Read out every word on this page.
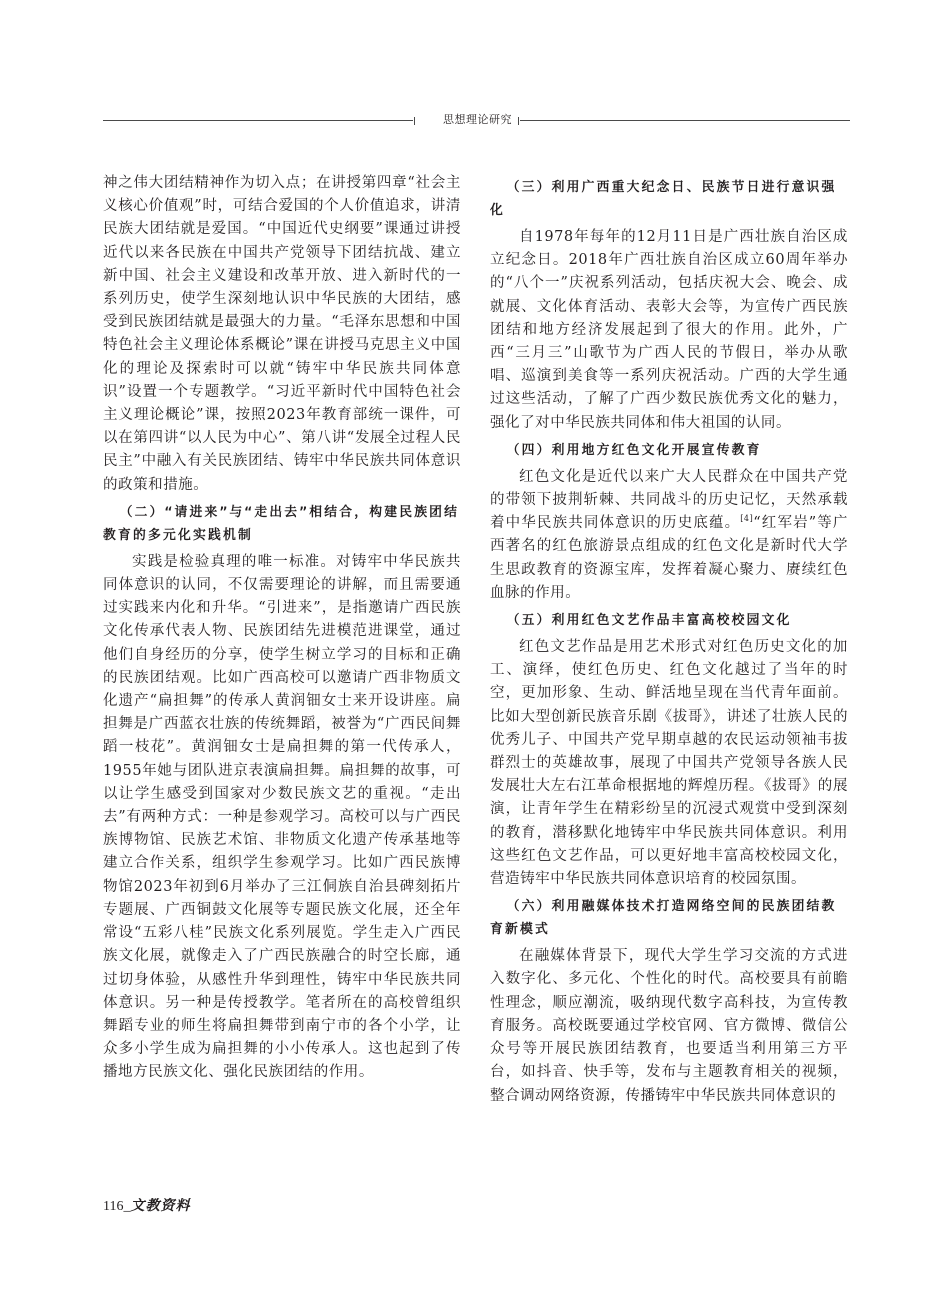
思想理论研究

神之伟大团结精神作为切入点；在讲授第四章“社会主义核心价值观”时，可结合爱国的个人价值追求，讲清民族大团结就是爱国。“中国近代史纲要”课通过讲授近代以来各民族在中国共产党领导下团结抗战、建立新中国、社会主义建设和改革开放、进入新时代的一系列历史，使学生深刻地认识中华民族的大团结，感受到民族团结就是最强大的力量。“毛泽东思想和中国特色社会主义理论体系概论”课在讲授马克思主义中国化的理论及探索时可以就“铸牢中华民族共同体意识”设置一个专题教学。“习近平新时代中国特色社会主义理论概论”课，按照2023年教育部统一课件，可以在第四讲“以人民为中心”、第八讲“发展全过程人民民主”中融入有关民族团结、铸牢中华民族共同体意识的政策和措施。

（二）“请进来”与“走出去”相结合，构建民族团结教育的多元化实践机制

实践是检验真理的唯一标准。对铸牢中华民族共同体意识的认同，不仅需要理论的讲解，而且需要通过实践来内化和升华。“引进来”，是指邀请广西民族文化传承代表人物、民族团结先进模范进课堂，通过他们自身经历的分享，使学生树立学习的目标和正确的民族团结观。比如广西高校可以邀请广西非物质文化遗产“扁担舞”的传承人黄润钿女士来开设讲座。扁担舞是广西蓝衣壮族的传统舞蹈，被誉为“广西民间舞蹈一枝花”。黄润钿女士是扁担舞的第一代传承人，1955年她与团队进京表演扁担舞。扁担舞的故事，可以让学生感受到国家对少数民族文艺的重视。“走出去”有两种方式：一种是参观学习。高校可以与广西民族博物馆、民族艺术馆、非物质文化遗产传承基地等建立合作关系，组织学生参观学习。比如广西民族博物馆2023年初到6月举办了三江侗族自治县碑刻拓片专题展、广西铜鼓文化展等专题民族文化展，还全年常设“五彩八桂”民族文化系列展览。学生走入广西民族文化展，就像走入了广西民族融合的时空长廊，通过切身体验，从感性升华到理性，铸牢中华民族共同体意识。另一种是传授教学。笔者所在的高校曾组织舞蹈专业的师生将扁担舞带到南宁市的各个小学，让众多小学生成为扁担舞的小小传承人。这也起到了传播地方民族文化、强化民族团结的作用。

（三）利用广西重大纪念日、民族节日进行意识强化

自1978年每年的12月11日是广西壮族自治区成立纪念日。2018年广西壮族自治区成立60周年举办的“八个一”庆祝系列活动，包括庆祝大会、晚会、成就展、文化体育活动、表彰大会等，为宣传广西民族团结和地方经济发展起到了很大的作用。此外，广西“三月三”山歌节为广西人民的节假日，举办从歌唱、巡演到美食等一系列庆祝活动。广西的大学生通过这些活动，了解了广西少数民族优秀文化的魅力，强化了对中华民族共同体和伟大祖国的认同。

（四）利用地方红色文化开展宣传教育

红色文化是近代以来广大人民群众在中国共产党的带领下披荆斩棘、共同战斗的历史记忆，天然承载着中华民族共同体意识的历史底蕴。[4]“红军岩”等广西著名的红色旅游景点组成的红色文化是新时代大学生思政教育的资源宝库，发挥着凝心聚力、赓续红色血脉的作用。

（五）利用红色文艺作品丰富高校校园文化

红色文艺作品是用艺术形式对红色历史文化的加工、演绎，使红色历史、红色文化越过了当年的时空，更加形象、生动、鲜活地呈现在当代青年面前。比如大型创新民族音乐剧《拔哥》，讲述了壮族人民的优秀儿子、中国共产党早期卓越的农民运动领袖韦拔群烈士的英雄故事，展现了中国共产党领导各族人民发展壮大左右江革命根据地的辉煌历程。《拔哥》的展演，让青年学生在精彩纷呈的沉浸式观赏中受到深刻的教育，潜移默化地铸牢中华民族共同体意识。利用这些红色文艺作品，可以更好地丰富高校校园文化，营造铸牢中华民族共同体意识培育的校园氛围。

（六）利用融媒体技术打造网络空间的民族团结教育新模式

在融媒体背景下，现代大学生学习交流的方式进入数字化、多元化、个性化的时代。高校要具有前瞻性理念，顺应潮流，吸纳现代数字高科技，为宣传教育服务。高校既要通过学校官网、官方微博、微信公众号等开展民族团结教育，也要适当利用第三方平台，如抖音、快手等，发布与主题教育相关的视频，整合调动网络资源，传播铸牢中华民族共同体意识的

116_文教资料
